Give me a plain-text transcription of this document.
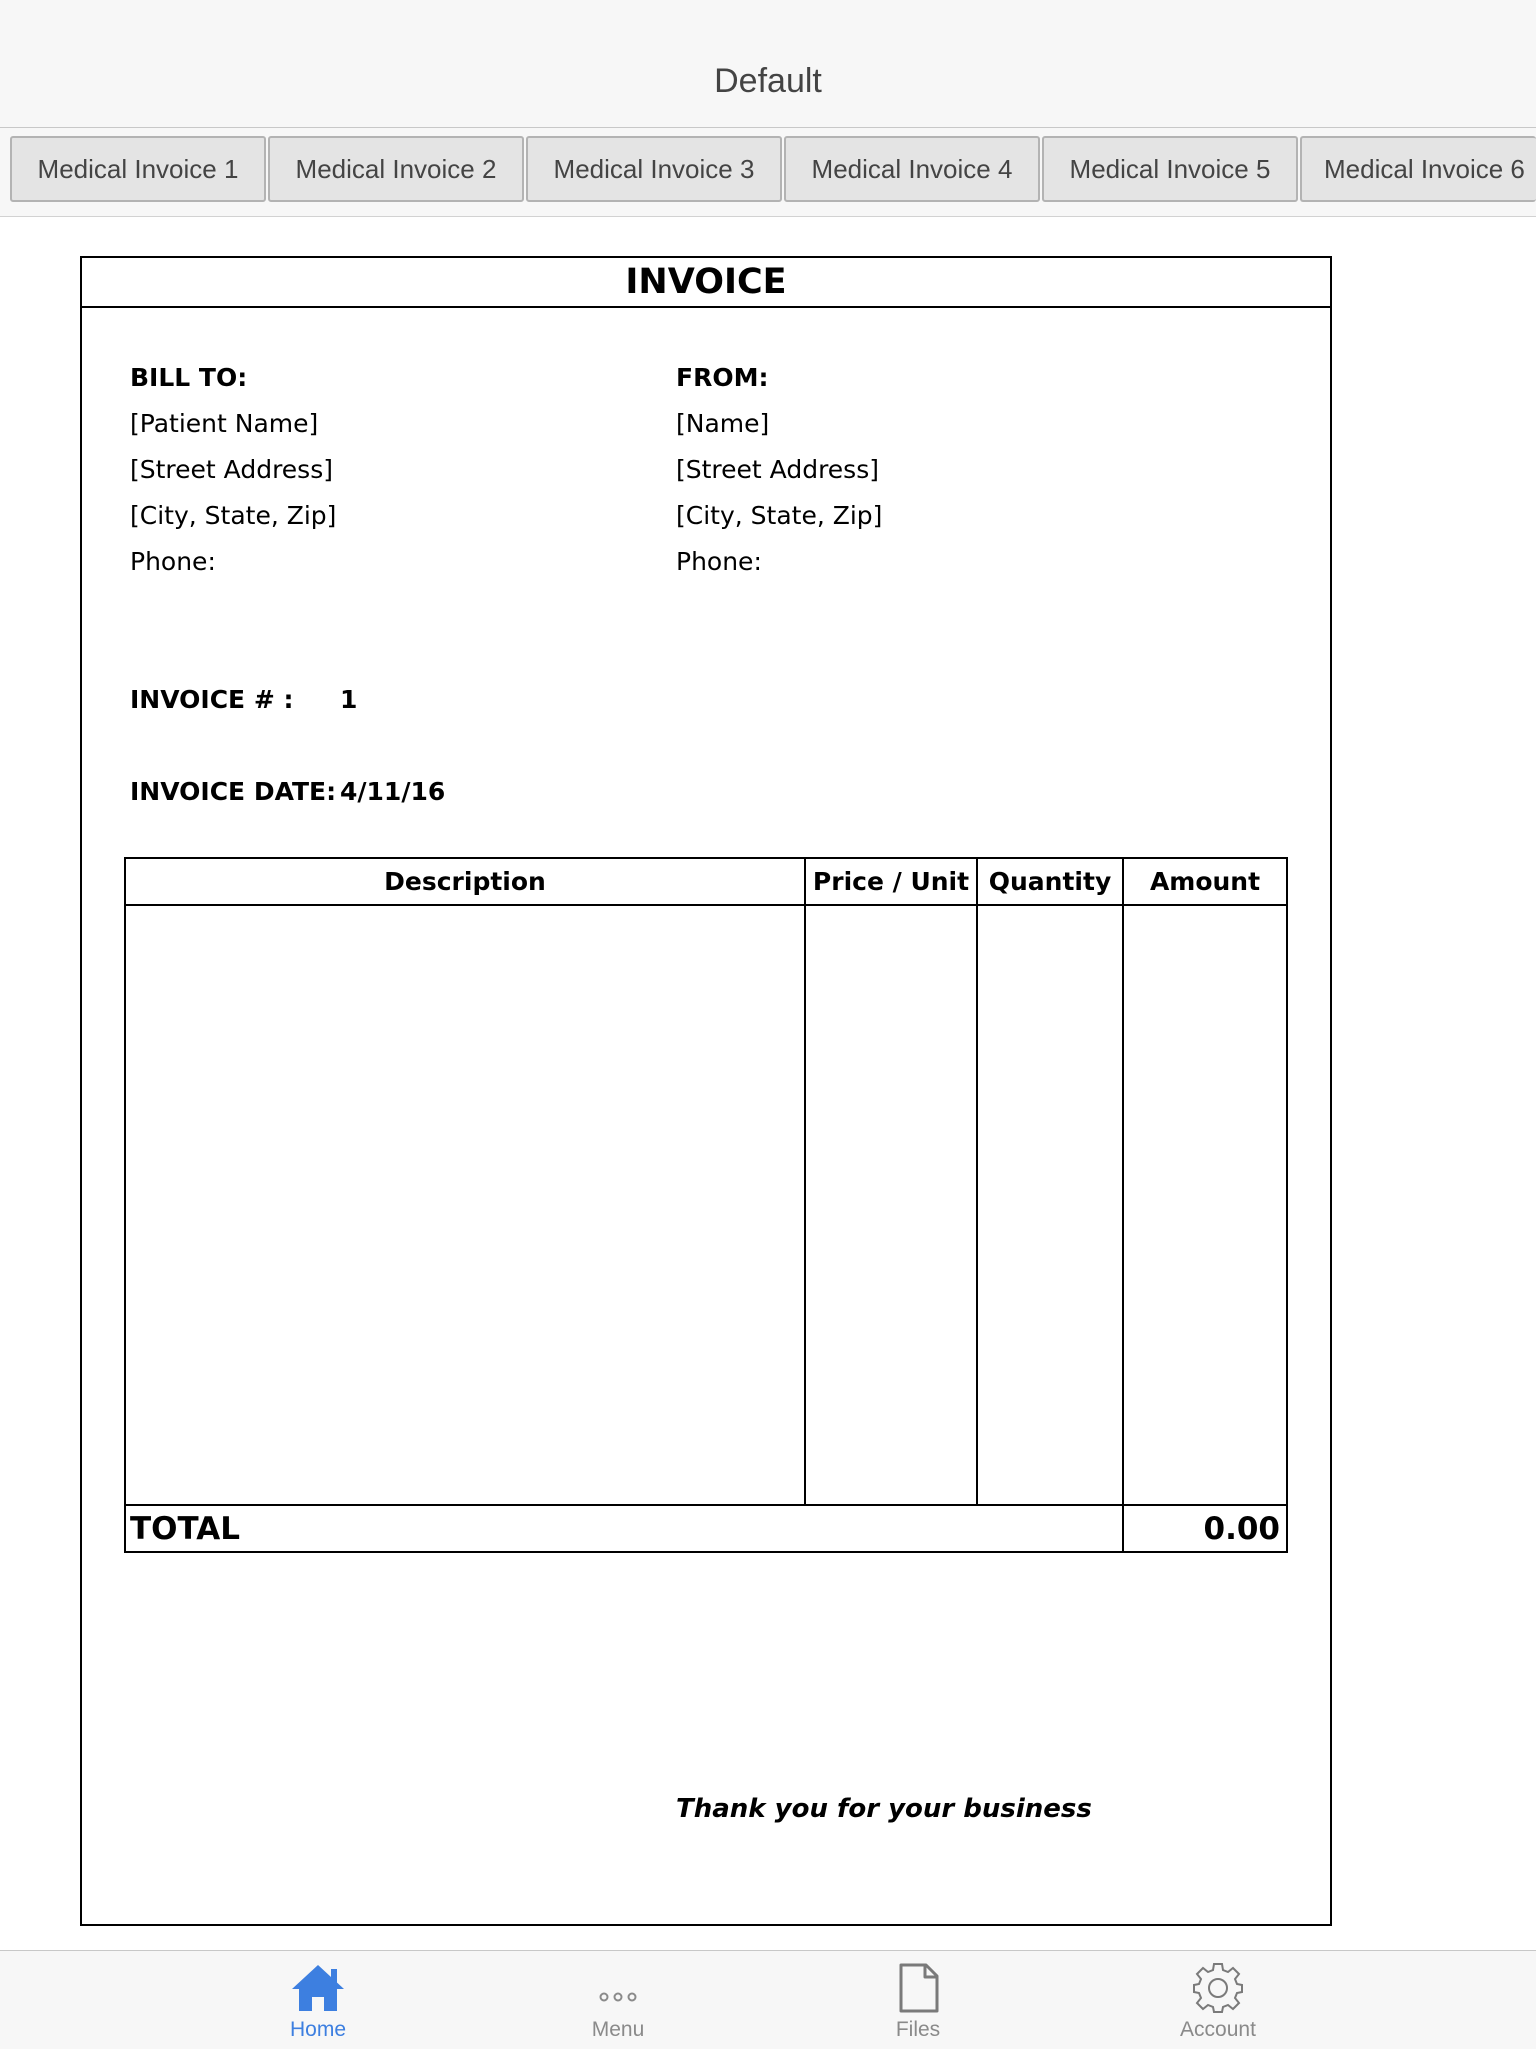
Default
Medical Invoice 1	Medical Invoice 2	Medical Invoice 3	Medical Invoice 4	Medical Invoice 5	Medical Invoice 6
INVOICE
BILL TO:
[Patient Name]
[Street Address]
[City, State, Zip]
Phone:
FROM:
[Name]
[Street Address]
[City, State, Zip]
Phone:
INVOICE # : 1
INVOICE DATE: 4/11/16
Description	Price / Unit	Quantity	Amount

TOTAL			0.00
Thank you for your business
Home	Menu	Files	Account
